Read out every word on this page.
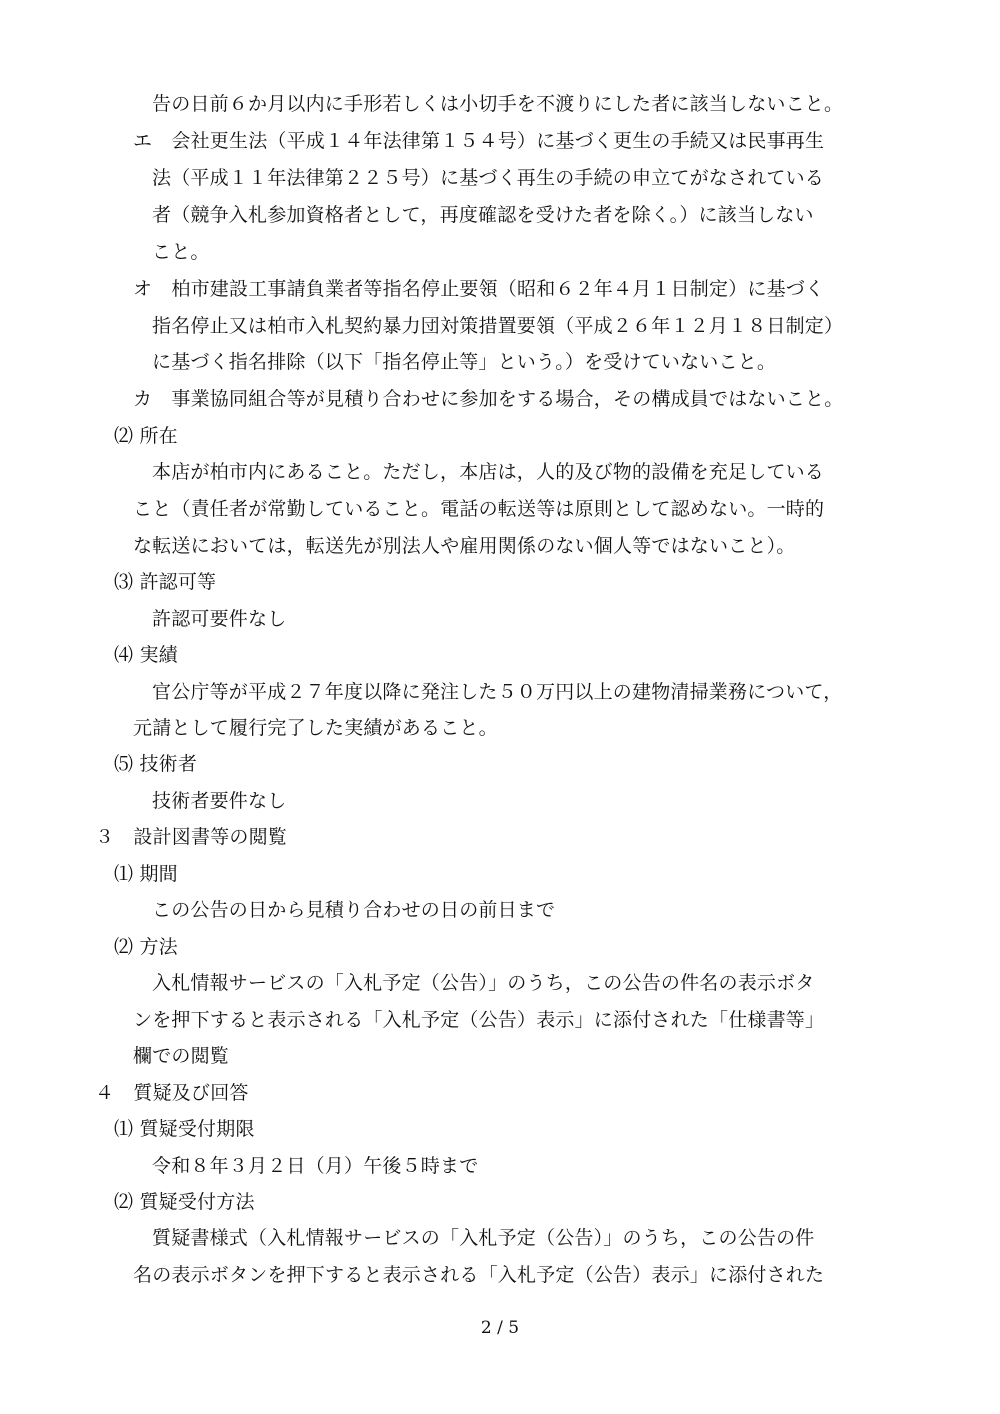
告の日前６か月以内に手形若しくは小切手を不渡りにした者に該当しないこと。
エ　会社更生法（平成１４年法律第１５４号）に基づく更生の手続又は民事再生
法（平成１１年法律第２２５号）に基づく再生の手続の申立てがなされている
者（競争入札参加資格者として，再度確認を受けた者を除く。）に該当しない
こと。
オ　柏市建設工事請負業者等指名停止要領（昭和６２年４月１日制定）に基づく
指名停止又は柏市入札契約暴力団対策措置要領（平成２６年１２月１８日制定）
に基づく指名排除（以下「指名停止等」という。）を受けていないこと。
カ　事業協同組合等が見積り合わせに参加をする場合，その構成員ではないこと。
⑵ 所在
本店が柏市内にあること。ただし，本店は，人的及び物的設備を充足している
こと（責任者が常勤していること。電話の転送等は原則として認めない。一時的
な転送においては，転送先が別法人や雇用関係のない個人等ではないこと）。
⑶ 許認可等
許認可要件なし
⑷ 実績
官公庁等が平成２７年度以降に発注した５０万円以上の建物清掃業務について，
元請として履行完了した実績があること。
⑸ 技術者
技術者要件なし
３　設計図書等の閲覧
⑴ 期間
この公告の日から見積り合わせの日の前日まで
⑵ 方法
入札情報サービスの「入札予定（公告）」のうち，この公告の件名の表示ボタ
ンを押下すると表示される「入札予定（公告）表示」に添付された「仕様書等」
欄での閲覧
４　質疑及び回答
⑴ 質疑受付期限
令和８年３月２日（月）午後５時まで
⑵ 質疑受付方法
質疑書様式（入札情報サービスの「入札予定（公告）」のうち，この公告の件
名の表示ボタンを押下すると表示される「入札予定（公告）表示」に添付された
2 / 5
